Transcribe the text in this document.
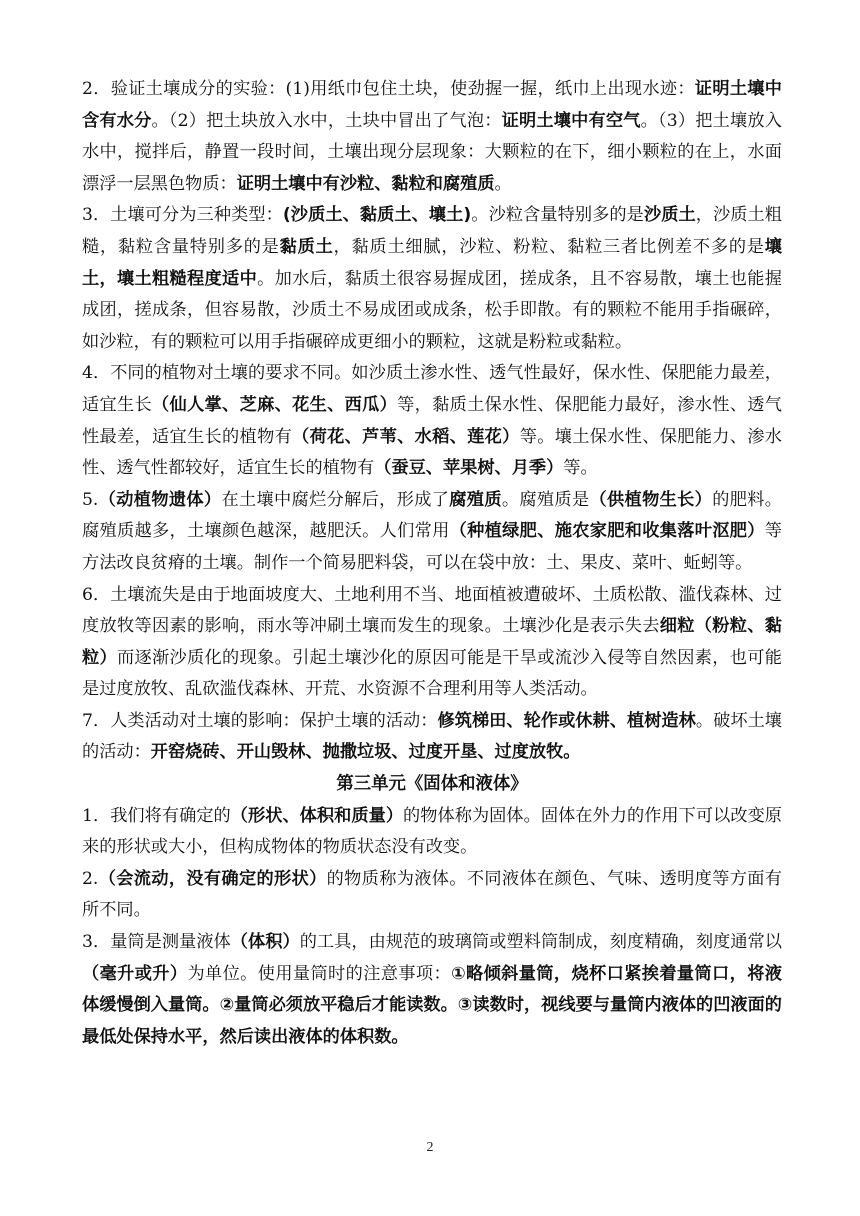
2．验证土壤成分的实验：(1)用纸巾包住土块，使劲握一握，纸巾上出现水迹：证明土壤中含有水分。（2）把土块放入水中，土块中冒出了气泡：证明土壤中有空气。（3）把土壤放入水中，搅拌后，静置一段时间，土壤出现分层现象：大颗粒的在下，细小颗粒的在上，水面漂浮一层黑色物质：证明土壤中有沙粒、黏粒和腐殖质。

3．土壤可分为三种类型：(沙质土、黏质土、壤土)。沙粒含量特别多的是沙质土，沙质土粗糙，黏粒含量特别多的是黏质土，黏质土细腻，沙粒、粉粒、黏粒三者比例差不多的是壤土，壤土粗糙程度适中。加水后，黏质土很容易握成团，搓成条，且不容易散，壤土也能握成团，搓成条，但容易散，沙质土不易成团或成条，松手即散。有的颗粒不能用手指碾碎，如沙粒，有的颗粒可以用手指碾碎成更细小的颗粒，这就是粉粒或黏粒。

4．不同的植物对土壤的要求不同。如沙质土渗水性、透气性最好，保水性、保肥能力最差，适宜生长（仙人掌、芝麻、花生、西瓜）等，黏质土保水性、保肥能力最好，渗水性、透气性最差，适宜生长的植物有（荷花、芦苇、水稻、莲花）等。壤土保水性、保肥能力、渗水性、透气性都较好，适宜生长的植物有（蚕豆、苹果树、月季）等。

5.（动植物遗体）在土壤中腐烂分解后，形成了腐殖质。腐殖质是（供植物生长）的肥料。腐殖质越多，土壤颜色越深，越肥沃。人们常用（种植绿肥、施农家肥和收集落叶沤肥）等方法改良贫瘠的土壤。制作一个简易肥料袋，可以在袋中放：土、果皮、菜叶、蚯蚓等。

6．土壤流失是由于地面坡度大、土地利用不当、地面植被遭破坏、土质松散、滥伐森林、过度放牧等因素的影响，雨水等冲刷土壤而发生的现象。土壤沙化是表示失去细粒（粉粒、黏粒）而逐渐沙质化的现象。引起土壤沙化的原因可能是干旱或流沙入侵等自然因素，也可能是过度放牧、乱砍滥伐森林、开荒、水资源不合理利用等人类活动。

7．人类活动对土壤的影响：保护土壤的活动：修筑梯田、轮作或休耕、植树造林。破坏土壤的活动：开窑烧砖、开山毁林、抛撒垃圾、过度开垦、过度放牧。

第三单元《固体和液体》

1．我们将有确定的（形状、体积和质量）的物体称为固体。固体在外力的作用下可以改变原来的形状或大小，但构成物体的物质状态没有改变。

2.（会流动，没有确定的形状）的物质称为液体。不同液体在颜色、气味、透明度等方面有所不同。

3．量筒是测量液体（体积）的工具，由规范的玻璃筒或塑料筒制成，刻度精确，刻度通常以（毫升或升）为单位。使用量筒时的注意事项：①略倾斜量筒，烧杯口紧挨着量筒口，将液体缓慢倒入量筒。②量筒必须放平稳后才能读数。③读数时，视线要与量筒内液体的凹液面的最低处保持水平，然后读出液体的体积数。

2
